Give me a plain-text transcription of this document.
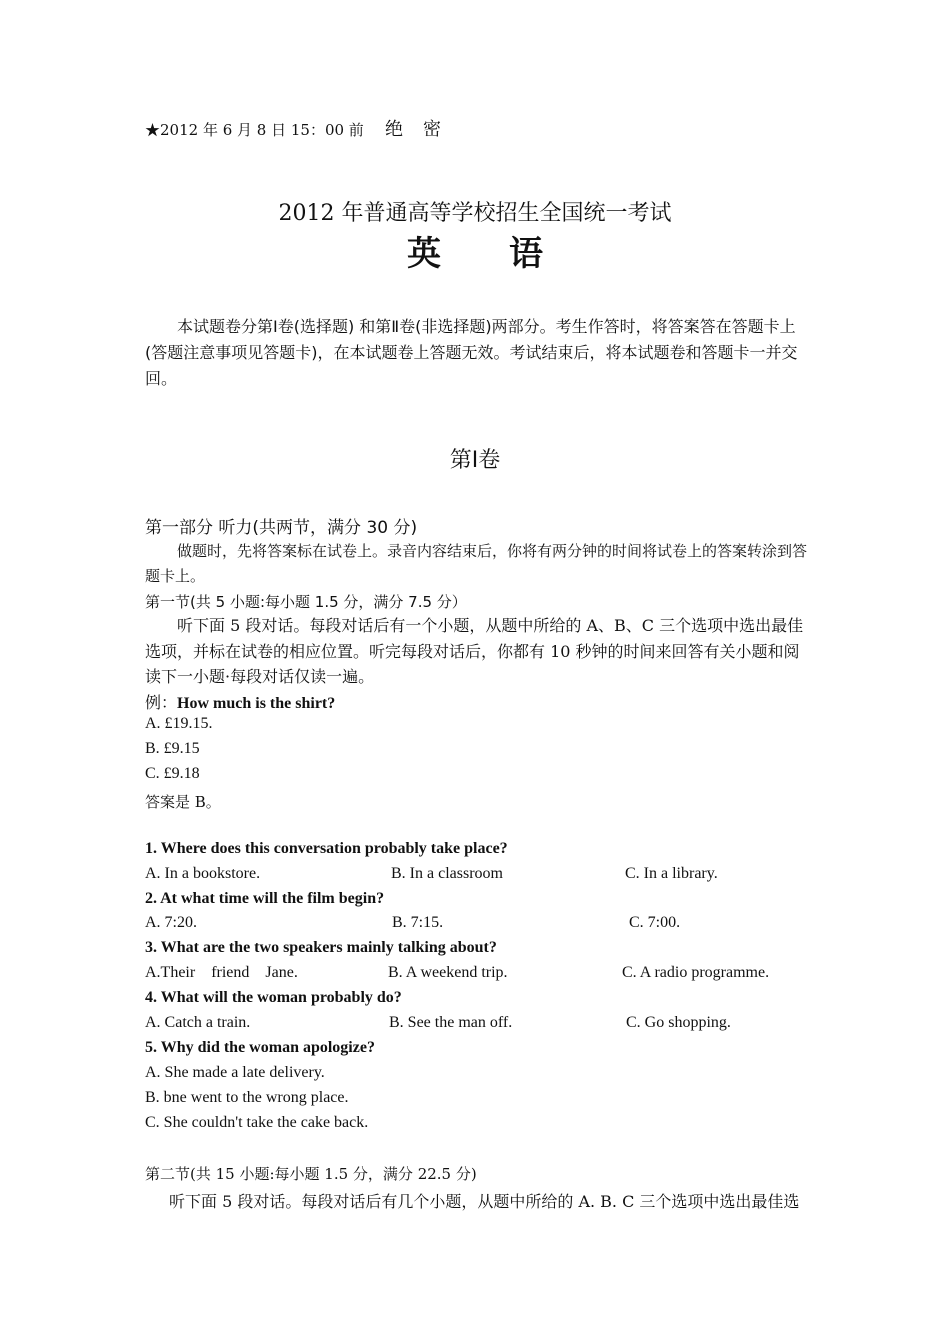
★2012 年 6 月 8 日 15：00 前 绝　密
2012 年普通高等学校招生全国统一考试
英　　语
本试题卷分第Ⅰ卷(选择题) 和第Ⅱ卷(非选择题)两部分。考生作答时，将答案答在答题卡上(答题注意事项见答题卡)，在本试题卷上答题无效。考试结束后，将本试题卷和答题卡一并交回。
第Ⅰ卷
第一部分 听力(共两节，满分 30 分)
做题时，先将答案标在试卷上。录音内容结束后，你将有两分钟的时间将试卷上的答案转涂到答题卡上。
第一节(共 5 小题:每小题 1.5 分，满分 7.5 分）
听下面 5 段对话。每段对话后有一个小题，从题中所给的 A、B、C 三个选项中选出最佳选项，并标在试卷的相应位置。听完每段对话后，你都有 10 秒钟的时间来回答有关小题和阅读下一小题·每段对话仅读一遍。
例：How much is the shirt?
A. £19.15.
B. £9.15
C. £9.18
答案是 B。
1. Where does this conversation probably take place?
A. In a bookstore.	B. In a classroom	C. In a library.
2. At what time will the film begin?
A. 7:20.	B. 7:15.	C. 7:00.
3. What are the two speakers mainly talking about?
A.Their    friend    Jane.	B. A weekend trip.	C. A radio programme.
4. What will the woman probably do?
A. Catch a train.	B. See the man off.	C. Go shopping.
5. Why did the woman apologize?
A. She made a late delivery.
B. bne went to the wrong place.
C. She couldn't take the cake back.
第二节(共 15 小题:每小题 1.5 分，满分 22.5 分)
听下面 5 段对话。每段对话后有几个小题，从题中所给的 A. B. C 三个选项中选出最佳选
